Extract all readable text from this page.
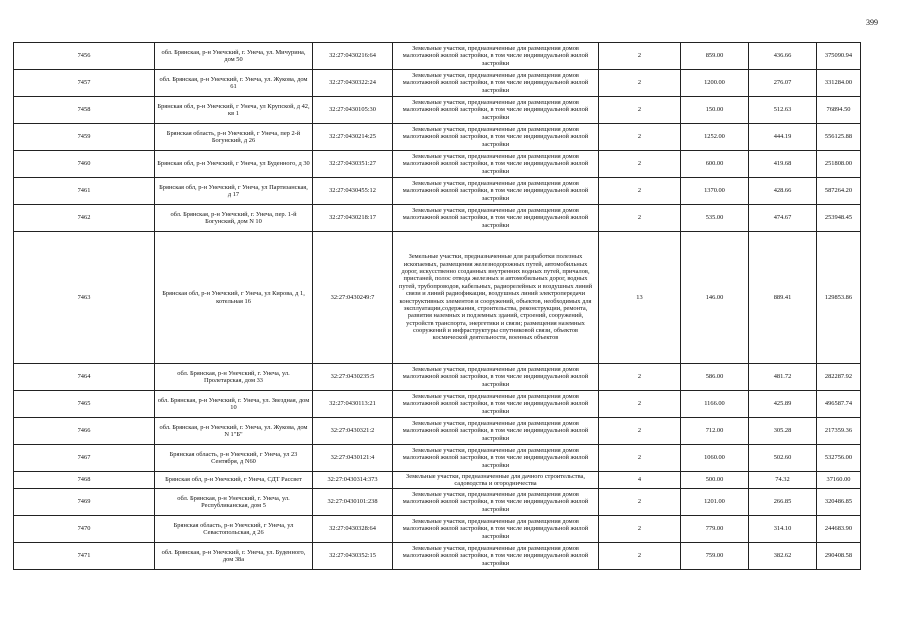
399
7456	обл. Брянская, р-н Унечский, г. Унеча, ул. Мичурина, дом 50	32:27:0430216:64	Земельные участки, предназначенные для размещения домов малоэтажной жилой застройки, в том числе индивидуальной жилой застройки	2	859.00	436.66	375090.94
7457	обл. Брянская, р-н Унечский, г. Унеча, ул. Жукова, дом 61	32:27:0430322:24	Земельные участки, предназначенные для размещения домов малоэтажной жилой застройки, в том числе индивидуальной жилой застройки	2	1200.00	276.07	331284.00
7458	Брянская обл, р-н Унечский, г Унеча, ул Крупской, д 42, кв 1	32:27:0430105:30	Земельные участки, предназначенные для размещения домов малоэтажной жилой застройки, в том числе индивидуальной жилой застройки	2	150.00	512.63	76894.50
7459	Брянская область, р-н Унечский, г Унеча, пер 2-й Богунский, д 26	32:27:0430214:25	Земельные участки, предназначенные для размещения домов малоэтажной жилой застройки, в том числе индивидуальной жилой застройки	2	1252.00	444.19	556125.88
7460	Брянская обл, р-н Унечский, г Унеча, ул Буденного, д 30	32:27:0430351:27	Земельные участки, предназначенные для размещения домов малоэтажной жилой застройки, в том числе индивидуальной жилой застройки	2	600.00	419.68	251808.00
7461	Брянская обл, р-н Унечский, г Унеча, ул Партизанская, д 17	32:27:0430455:12	Земельные участки, предназначенные для размещения домов малоэтажной жилой застройки, в том числе индивидуальной жилой застройки	2	1370.00	428.66	587264.20
7462	обл. Брянская, р-н Унечский, г. Унеча, пер. 1-й Богунский, дом N 10	32:27:0430218:17	Земельные участки, предназначенные для размещения домов малоэтажной жилой застройки, в том числе индивидуальной жилой застройки	2	535.00	474.67	253948.45
7463	Брянская обл, р-н Унечский, г Унеча, ул Кирова, д 1, котельная 16	32:27:0430249:7	Земельные участки, предназначенные для разработки полезных ископаемых, размещения железнодорожных путей, автомобильных дорог, искусственно созданных внутренних водных путей, причалов, пристаней, полос отвода железных и автомобильных дорог, водных путей, трубопроводов, кабельных, радиорелейных и воздушных линий связи и линий радиофикации, воздушных линий электропередачи конструктивных элементов и сооружений, объектов, необходимых для эксплуатации,содержания, строительства, реконструкции, ремонта, развития наземных и подземных зданий, строений, сооружений, устройств транспорта, энергетики и связи; размещения наземных сооружений и инфраструктуры спутниковой связи, объектов космической деятельности, военных объектов	13	146.00	889.41	129853.86
7464	обл. Брянская, р-н Унечский, г. Унеча, ул. Пролетарская, дом 33	32:27:0430235:5	Земельные участки, предназначенные для размещения домов малоэтажной жилой застройки, в том числе индивидуальной жилой застройки	2	586.00	481.72	282287.92
7465	обл. Брянская, р-н Унечский, г. Унеча, ул. Звездная, дом 10	32:27:0430113:21	Земельные участки, предназначенные для размещения домов малоэтажной жилой застройки, в том числе индивидуальной жилой застройки	2	1166.00	425.89	496587.74
7466	обл. Брянская, р-н Унечский, г. Унеча, ул. Жукова, дом N 1"Б"	32:27:0430321:2	Земельные участки, предназначенные для размещения домов малоэтажной жилой застройки, в том числе индивидуальной жилой застройки	2	712.00	305.28	217359.36
7467	Брянская область, р-н Унечский, г Унеча, ул 23 Сентября, д N60	32:27:0430121:4	Земельные участки, предназначенные для размещения домов малоэтажной жилой застройки, в том числе индивидуальной жилой застройки	2	1060.00	502.60	532756.00
7468	Брянская обл, р-н Унечский, г Унеча, СДТ Рассвет	32:27:0430314:373	Земельные участки, предназначенные для дачного строительства, садоводства и огородничества	4	500.00	74.32	37160.00
7469	обл. Брянская, р-н Унечский, г. Унеча, ул. Республиканская, дом 5	32:27:0430101:238	Земельные участки, предназначенные для размещения домов малоэтажной жилой застройки, в том числе индивидуальной жилой застройки	2	1201.00	266.85	320486.85
7470	Брянская область, р-н Унечский, г Унеча, ул Севастопольская, д 26	32:27:0430328:64	Земельные участки, предназначенные для размещения домов малоэтажной жилой застройки, в том числе индивидуальной жилой застройки	2	779.00	314.10	244683.90
7471	обл. Брянская, р-н Унечский, г. Унеча, ул. Буденного, дом 38а	32:27:0430352:15	Земельные участки, предназначенные для размещения домов малоэтажной жилой застройки, в том числе индивидуальной жилой застройки	2	759.00	382.62	290408.58
